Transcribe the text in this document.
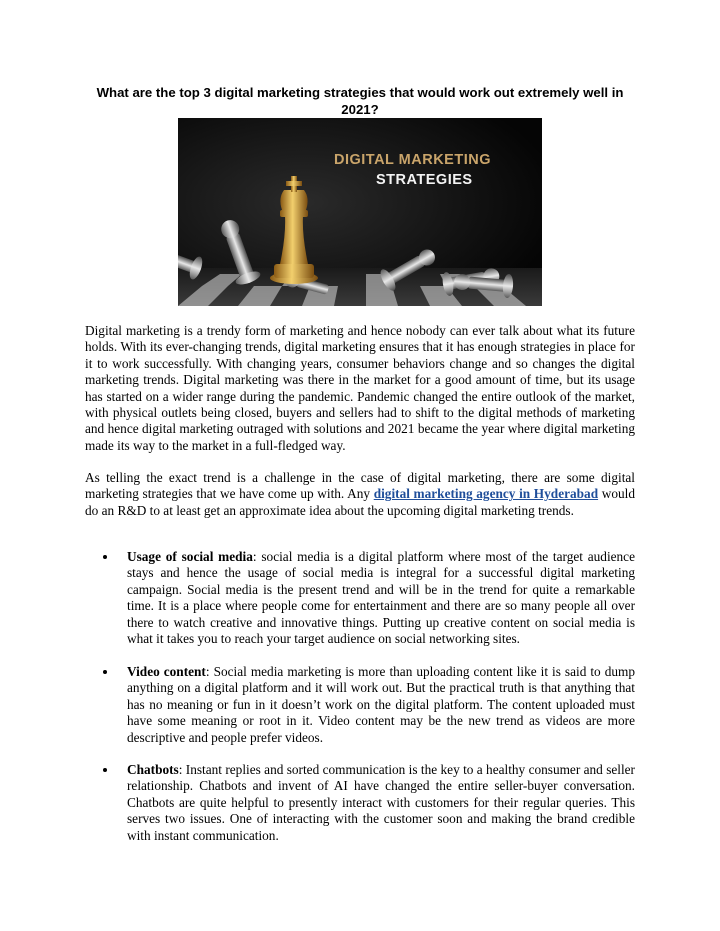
What are the top 3 digital marketing strategies that would work out extremely well in 2021?
DIGITAL MARKETING
STRATEGIES

Digital marketing is a trendy form of marketing and hence nobody can ever talk about what its future holds. With its ever-changing trends, digital marketing ensures that it has enough strategies in place for it to work successfully. With changing years, consumer behaviors change and so changes the digital marketing trends. Digital marketing was there in the market for a good amount of time, but its usage has started on a wider range during the pandemic. Pandemic changed the entire outlook of the market, with physical outlets being closed, buyers and sellers had to shift to the digital methods of marketing and hence digital marketing outraged with solutions and 2021 became the year where digital marketing made its way to the market in a full-fledged way.

As telling the exact trend is a challenge in the case of digital marketing, there are some digital marketing strategies that we have come up with. Any digital marketing agency in Hyderabad would do an R&D to at least get an approximate idea about the upcoming digital marketing trends.

Usage of social media: social media is a digital platform where most of the target audience stays and hence the usage of social media is integral for a successful digital marketing campaign. Social media is the present trend and will be in the trend for quite a remarkable time. It is a place where people come for entertainment and there are so many people all over there to watch creative and innovative things. Putting up creative content on social media is what it takes you to reach your target audience on social networking sites.
Video content: Social media marketing is more than uploading content like it is said to dump anything on a digital platform and it will work out. But the practical truth is that anything that has no meaning or fun in it doesn’t work on the digital platform. The content uploaded must have some meaning or root in it. Video content may be the new trend as videos are more descriptive and people prefer videos.
Chatbots: Instant replies and sorted communication is the key to a healthy consumer and seller relationship. Chatbots and invent of AI have changed the entire seller-buyer conversation. Chatbots are quite helpful to presently interact with customers for their regular queries. This serves two issues. One of interacting with the customer soon and making the brand credible with instant communication.
